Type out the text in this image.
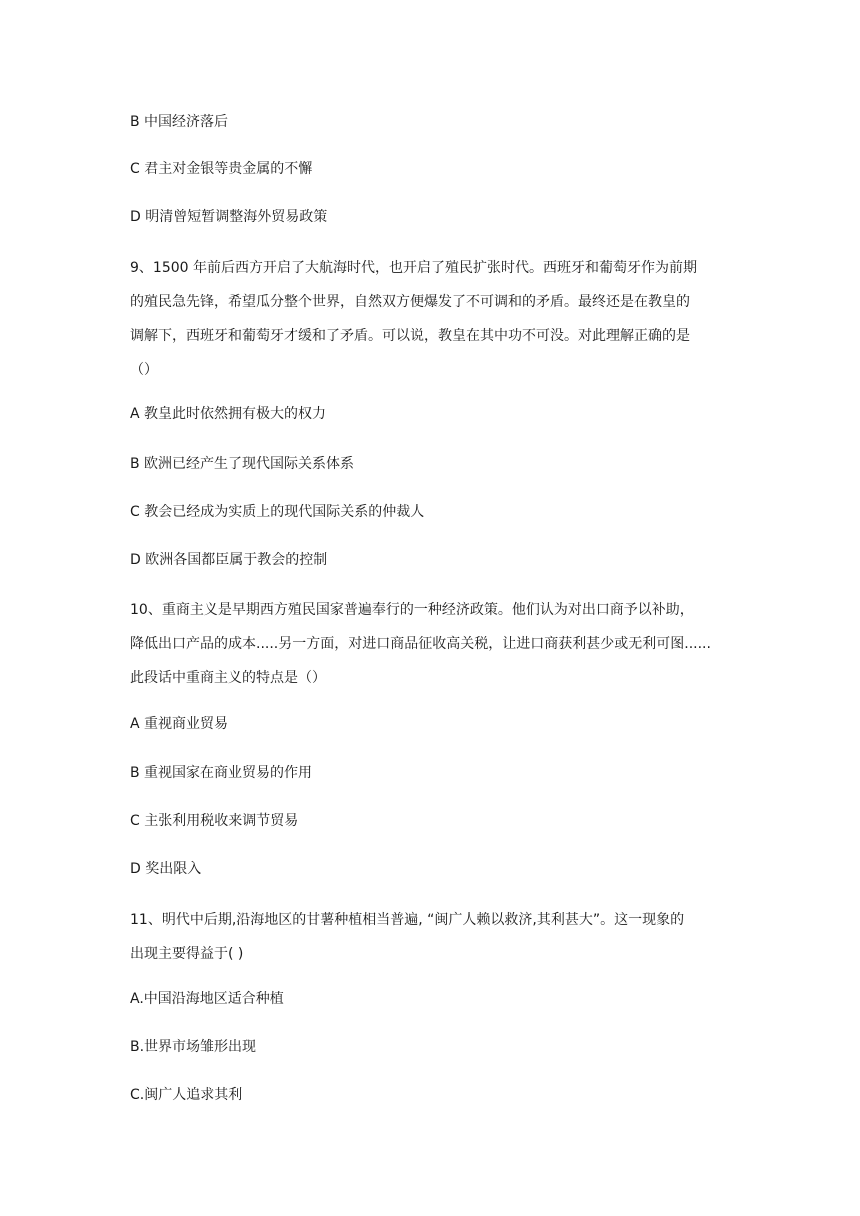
B 中国经济落后
C 君主对金银等贵金属的不懈
D 明清曾短暂调整海外贸易政策
9、1500 年前后西方开启了大航海时代，也开启了殖民扩张时代。西班牙和葡萄牙作为前期
的殖民急先锋，希望瓜分整个世界，自然双方便爆发了不可调和的矛盾。最终还是在教皇的
调解下，西班牙和葡萄牙才缓和了矛盾。可以说，教皇在其中功不可没。对此理解正确的是
（）
A 教皇此时依然拥有极大的权力
B 欧洲已经产生了现代国际关系体系
C 教会已经成为实质上的现代国际关系的仲裁人
D 欧洲各国都臣属于教会的控制
10、重商主义是早期西方殖民国家普遍奉行的一种经济政策。他们认为对出口商予以补助，
降低出口产品的成本.....另一方面，对进口商品征收高关税，让进口商获利甚少或无利可图......
此段话中重商主义的特点是（）
A 重视商业贸易
B 重视国家在商业贸易的作用
C 主张利用税收来调节贸易
D 奖出限入
11、明代中后期,沿海地区的甘薯种植相当普遍, “闽广人赖以救济,其利甚大”。这一现象的
出现主要得益于( )
A.中国沿海地区适合种植
B.世界市场雏形出现
C.闽广人追求其利
